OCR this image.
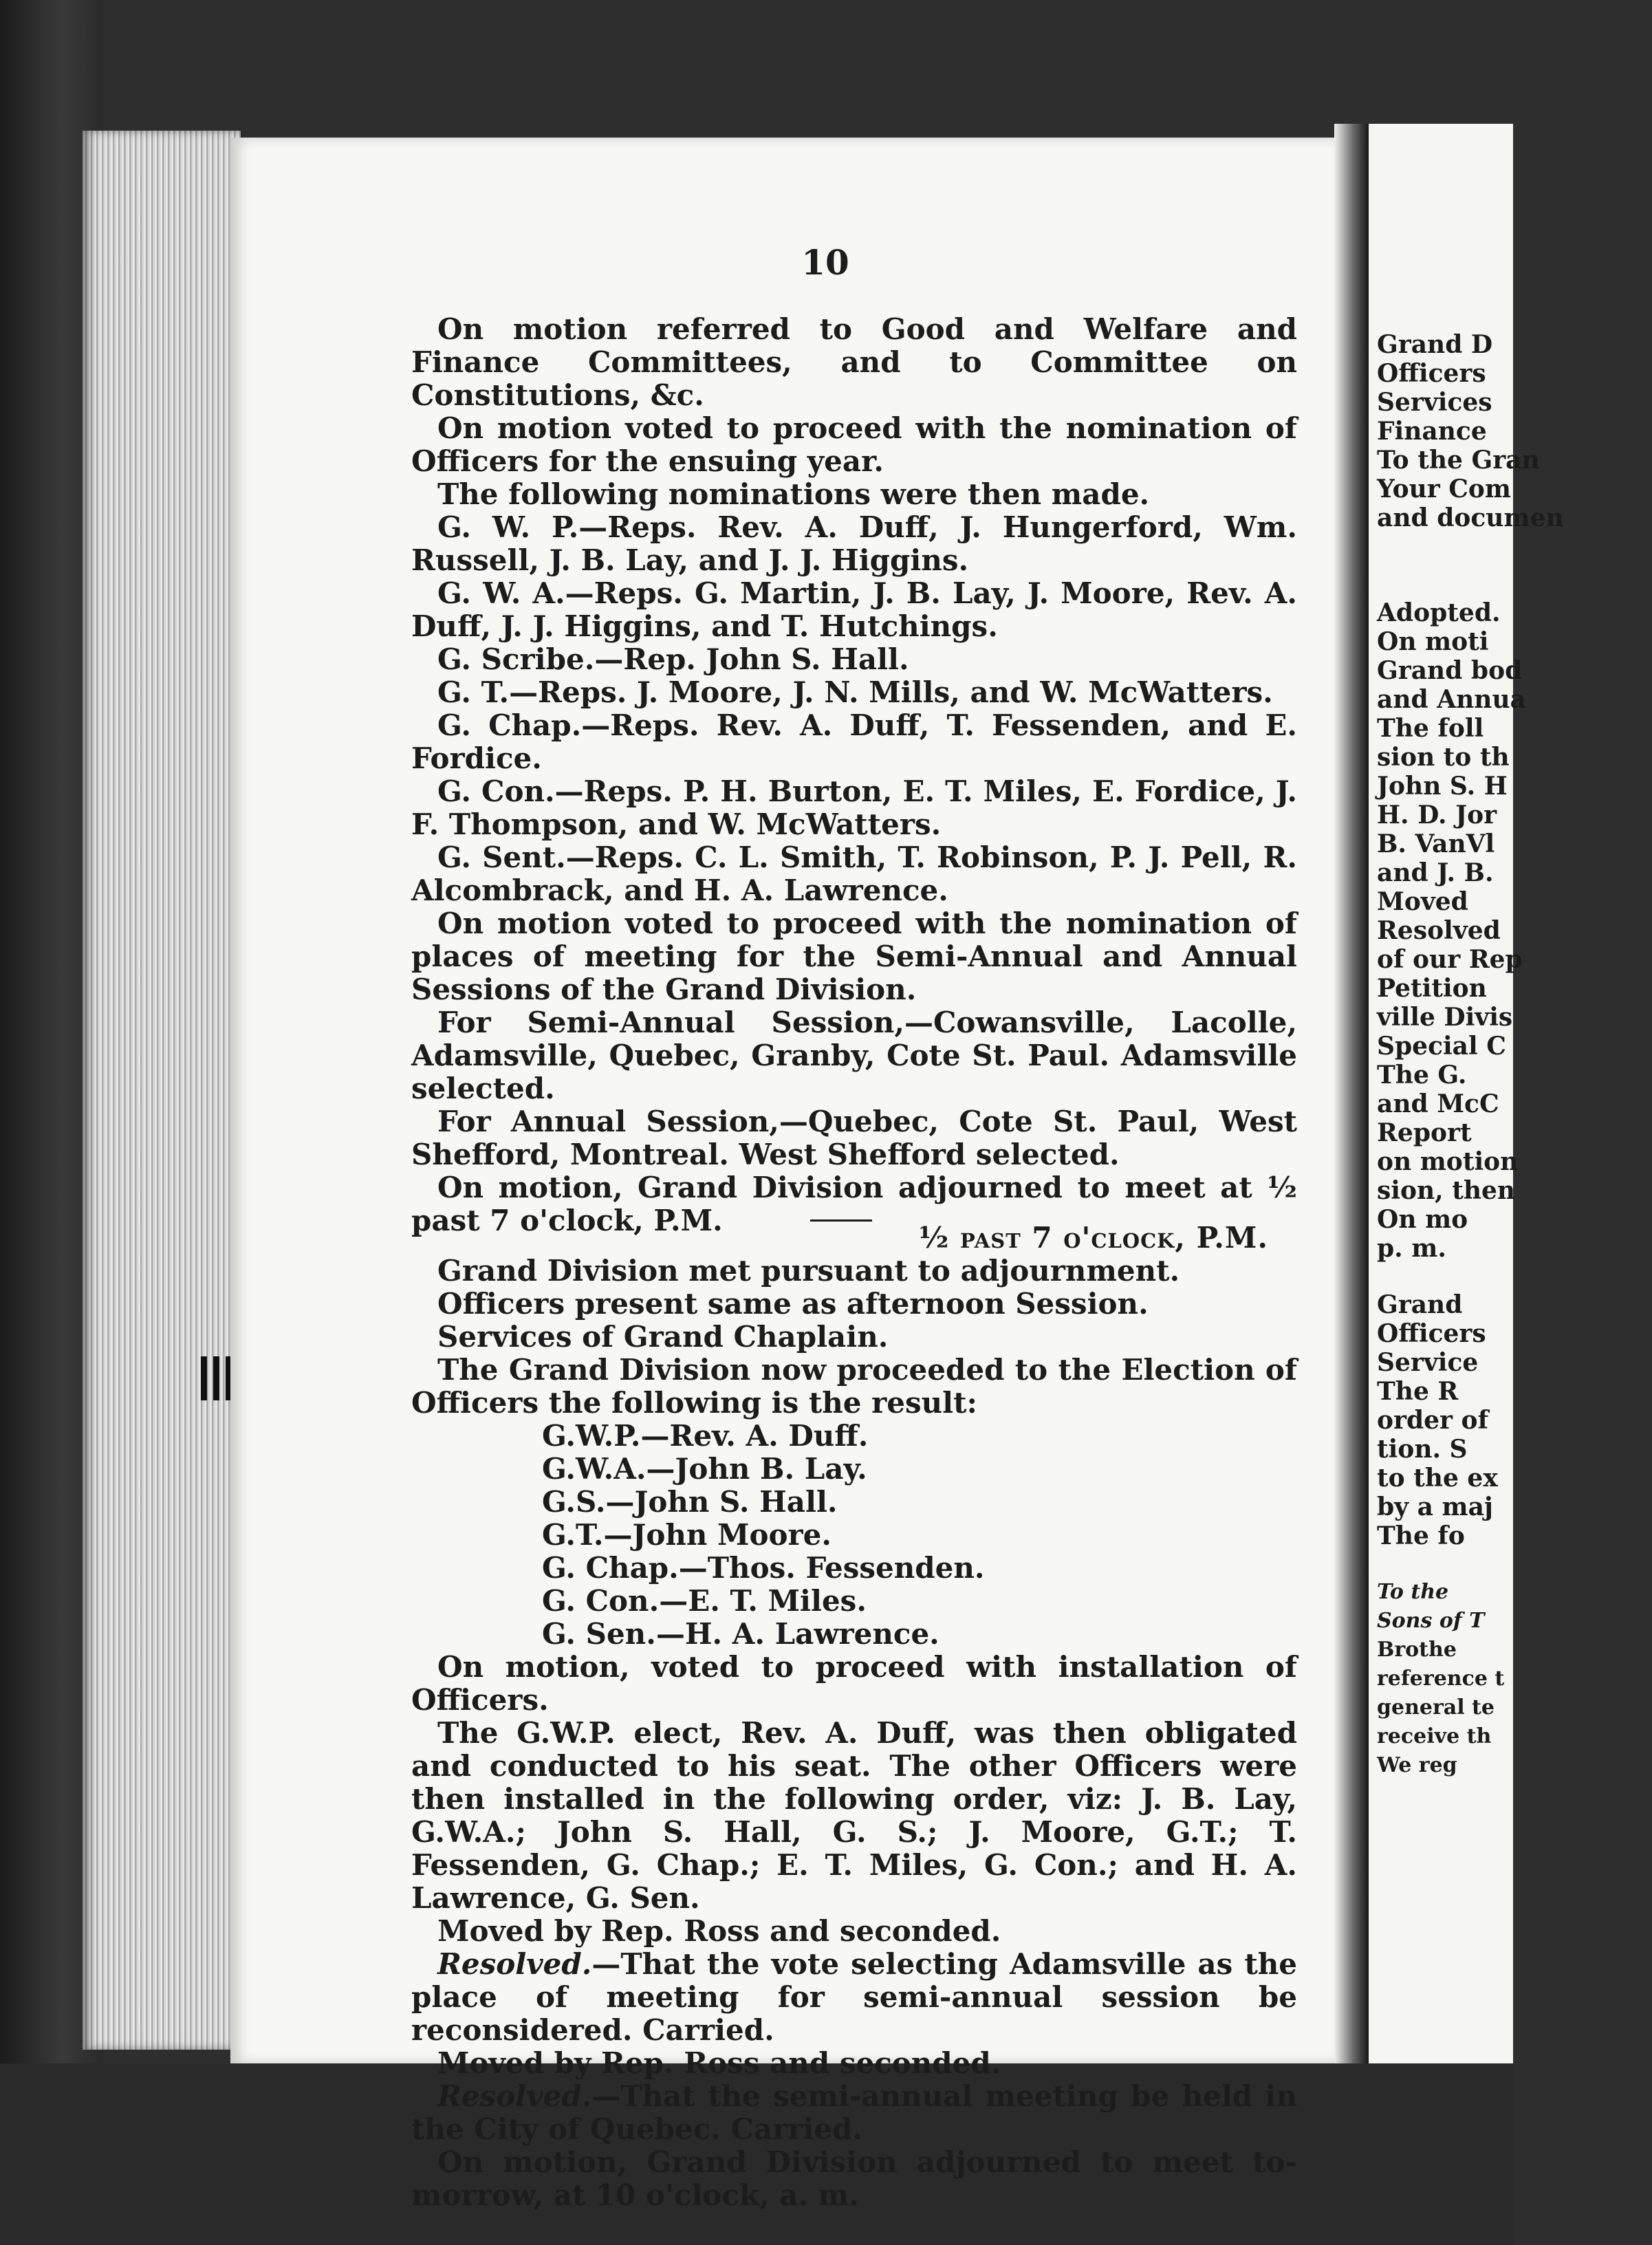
Grand D
Officers
Services
Finance
To the Gran
Your Com
and documen
Adopted.
On moti
Grand bod
and Annua
The foll
sion to th
John S. H
H. D. Jor
B. VanVl
and J. B.
Moved
Resolved
of our Rep
Petition
ville Divis
Special C
The G.
and McC
Report
on motion
sion, then
On mo
p. m.
Grand
Officers
Service
The R
order of
tion. S
to the ex
by a maj
The fo
To the
Sons of T
Brothe
reference t
general te
receive th
We reg
10

On motion referred to Good and Welfare and Finance Committees, and to Committee on Constitutions, &c.

On motion voted to proceed with the nomination of Officers for the ensuing year.

The following nominations were then made.

G. W. P.—Reps. Rev. A. Duff, J. Hungerford, Wm. Russell, J. B. Lay, and J. J. Higgins.

G. W. A.—Reps. G. Martin, J. B. Lay, J. Moore, Rev. A. Duff, J. J. Higgins, and T. Hutchings.

G. Scribe.—Rep. John S. Hall.

G. T.—Reps. J. Moore, J. N. Mills, and W. McWatters.

G. Chap.—Reps. Rev. A. Duff, T. Fessenden, and E. Fordice.

G. Con.—Reps. P. H. Burton, E. T. Miles, E. Fordice, J. F. Thompson, and W. McWatters.

G. Sent.—Reps. C. L. Smith, T. Robinson, P. J. Pell, R. Alcombrack, and H. A. Lawrence.

On motion voted to proceed with the nomination of places of meeting for the Semi-Annual and Annual Sessions of the Grand Division.

For Semi-Annual Session,—Cowansville, Lacolle, Adamsville, Quebec, Granby, Cote St. Paul. Adamsville selected.

For Annual Session,—Quebec, Cote St. Paul, West Shefford, Montreal. West Shefford selected.

On motion, Grand Division adjourned to meet at ½ past 7 o'clock, P.M.

½ past 7 o'clock, P.M.

Grand Division met pursuant to adjournment.

Officers present same as afternoon Session.

Services of Grand Chaplain.

The Grand Division now proceeded to the Election of Officers the following is the result:

G.W.P.—Rev. A. Duff.
G.W.A.—John B. Lay.
G.S.—John S. Hall.
G.T.—John Moore.
G. Chap.—Thos. Fessenden.
G. Con.—E. T. Miles.
G. Sen.—H. A. Lawrence.

On motion, voted to proceed with installation of Officers.

The G.W.P. elect, Rev. A. Duff, was then obligated and conducted to his seat. The other Officers were then installed in the following order, viz: J. B. Lay, G.W.A.; John S. Hall, G. S.; J. Moore, G.T.; T. Fessenden, G. Chap.; E. T. Miles, G. Con.; and H. A. Lawrence, G. Sen.

Moved by Rep. Ross and seconded.

Resolved.—That the vote selecting Adamsville as the place of meeting for semi-annual session be reconsidered. Carried.

Moved by Rep. Ross and seconded.

Resolved.—That the semi-annual meeting be held in the City of Quebec. Carried.

On motion, Grand Division adjourned to meet to-morrow, at 10 o'clock, a. m.
